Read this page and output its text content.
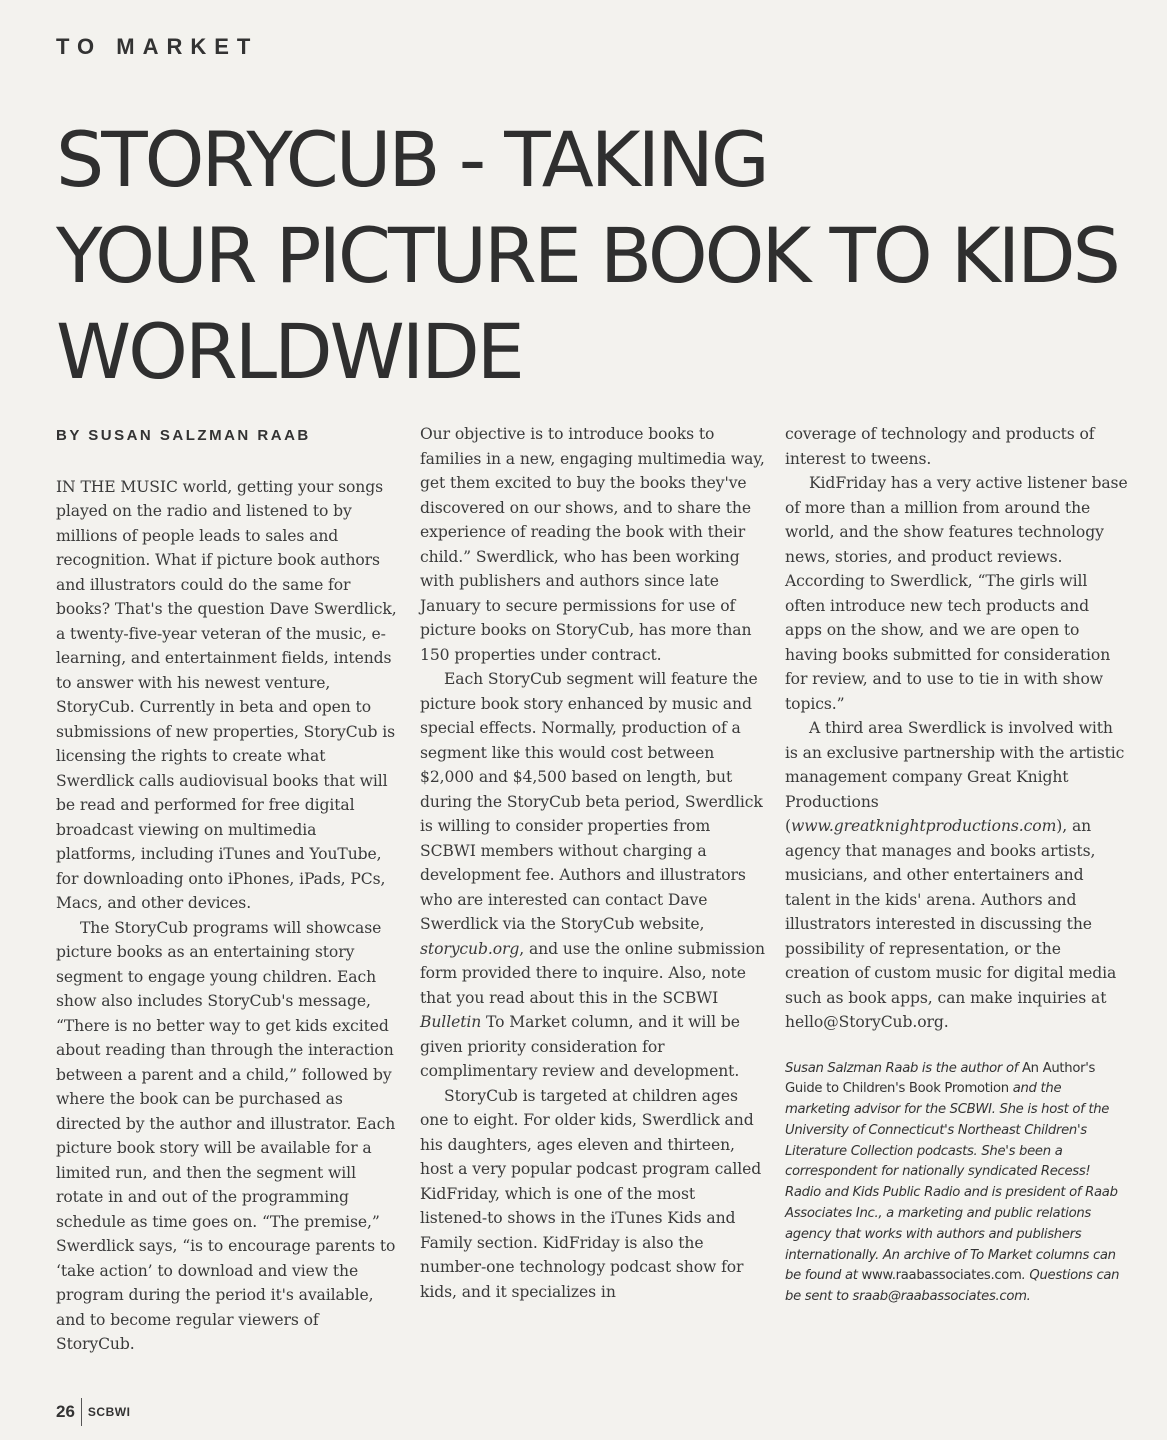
TO MARKET
STORYCUB - TAKING
YOUR PICTURE BOOK TO KIDS
WORLDWIDE
BY SUSAN SALZMAN RAAB

IN THE MUSIC world, getting your songs played on the radio and listened to by millions of people leads to sales and recognition. What if picture book authors and illustrators could do the same for books? That's the question Dave Swerdlick, a twenty-five-year veteran of the music, e-learning, and entertainment fields, intends to answer with his newest venture, StoryCub. Currently in beta and open to submissions of new properties, StoryCub is licensing the rights to create what Swerdlick calls audiovisual books that will be read and performed for free digital broadcast viewing on multimedia platforms, including iTunes and YouTube, for downloading onto iPhones, iPads, PCs, Macs, and other devices.

The StoryCub programs will showcase picture books as an entertaining story segment to engage young children. Each show also includes StoryCub's message, “There is no better way to get kids excited about reading than through the interaction between a parent and a child,” followed by where the book can be purchased as directed by the author and illustrator. Each picture book story will be available for a limited run, and then the segment will rotate in and out of the programming schedule as time goes on. “The premise,” Swerdlick says, “is to encourage parents to ‘take action’ to download and view the program during the period it's available, and to become regular viewers of StoryCub.

Our objective is to introduce books to families in a new, engaging multimedia way, get them excited to buy the books they've discovered on our shows, and to share the experience of reading the book with their child.” Swerdlick, who has been working with publishers and authors since late January to secure permissions for use of picture books on StoryCub, has more than 150 properties under contract.

Each StoryCub segment will feature the picture book story enhanced by music and special effects. Normally, production of a segment like this would cost between $2,000 and $4,500 based on length, but during the StoryCub beta period, Swerdlick is willing to consider properties from SCBWI members without charging a development fee. Authors and illustrators who are interested can contact Dave Swerdlick via the StoryCub website, storycub.org, and use the online submission form provided there to inquire. Also, note that you read about this in the SCBWI Bulletin To Market column, and it will be given priority consideration for complimentary review and development.

StoryCub is targeted at children ages one to eight. For older kids, Swerdlick and his daughters, ages eleven and thirteen, host a very popular podcast program called KidFriday, which is one of the most listened-to shows in the iTunes Kids and Family section. KidFriday is also the number-one technology podcast show for kids, and it specializes in

coverage of technology and products of interest to tweens.

KidFriday has a very active listener base of more than a million from around the world, and the show features technology news, stories, and product reviews. According to Swerdlick, “The girls will often introduce new tech products and apps on the show, and we are open to having books submitted for consideration for review, and to use to tie in with show topics.”

A third area Swerdlick is involved with is an exclusive partnership with the artistic management company Great Knight Productions (www.greatknightproductions.com), an agency that manages and books artists, musicians, and other entertainers and talent in the kids' arena. Authors and illustrators interested in discussing the possibility of representation, or the creation of custom music for digital media such as book apps, can make inquiries at hello@StoryCub.org.

Susan Salzman Raab is the author of An Author's Guide to Children's Book Promotion and the marketing advisor for the SCBWI. She is host of the University of Connecticut's Northeast Children's Literature Collection podcasts. She's been a correspondent for nationally syndicated Recess! Radio and Kids Public Radio and is president of Raab Associates Inc., a marketing and public relations agency that works with authors and publishers internationally. An archive of To Market columns can be found at www.raabassociates.com. Questions can be sent to sraab@raabassociates.com.
26	SCBWI
